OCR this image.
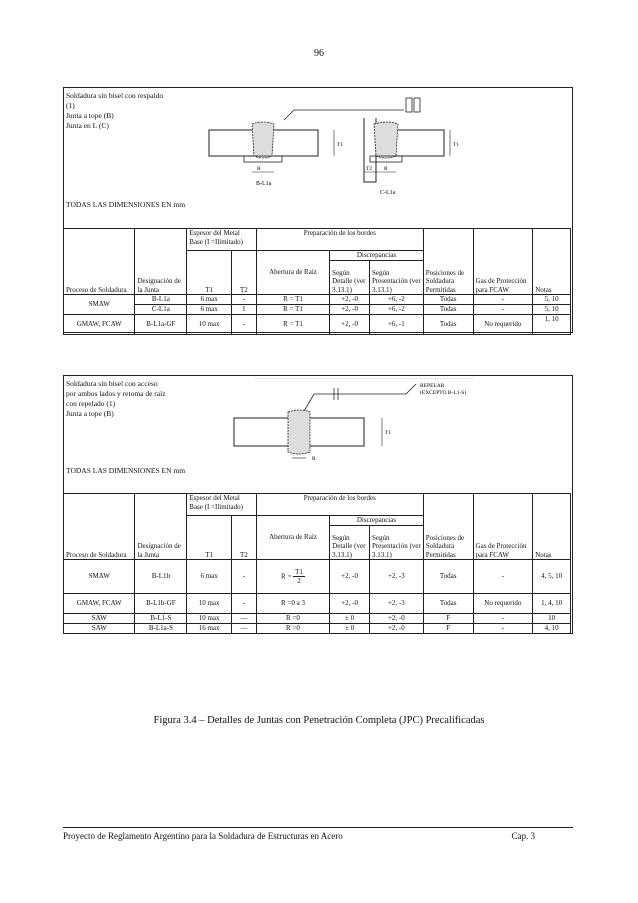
96
Soldadura sin bisel con respaldo
(1)
Junta a tope (B)
Junta en L (C)
T1
R
B-L1a
T1
T2 R
C-L1a
TODAS LAS DIMENSIONES EN mm
Proceso de Soldadura	Designación de la Junta	Espesor del Metal Base (I =Ilimitado)		Preparación de los bordes			Posiciones de Soldadura Permitidas	Gas de Protección para FCAW	Notas
		T1	T2	Abertura de Raíz	Discrepancias				
					Según Detalle (ver 3.13.1)	Según Presentación (ver 3.13.1)			
SMAW	B-L1a	6 max	-	R = T1	+2, -0	+6, -2	Todas	-	5, 10
	C-L1a	6 max	I	R = T1	+2, -0	+6, -2	Todas	-	5, 10
GMAW, FCAW	B-L1a-GF	10 max	-	R = T1	+2, -0	+6, -1	Todas	No requerido	1, 10
Soldadura sin bisel con acceso
por ambos lados y retoma de raíz
con repelado (1)
Junta a tope (B)
REPELAR
(EXCEPTO B-L1-S)
T1
R
TODAS LAS DIMENSIONES EN mm
Proceso de Soldadura	Designación de la Junta	Espesor del Metal Base (I =Ilimitado)		Preparación de los bordes			Posiciones de Soldadura Permitidas	Gas de Protección para FCAW	Notas
		T1	T2	Abertura de Raíz	Discrepancias				
					Según Detalle (ver 3.13.1)	Según Presentación (ver 3.13.1)			
SMAW	B-L1b	6 max	-	$R = \frac{T1}{2}$	+2, -0	+2, -3	Todas	-	4, 5, 10
GMAW, FCAW	B-L1b-GF	10 max	-	R =0 a 3	+2, -0	+2, -3	Todas	No requerido	1, 4, 10
SAW	B-L1-S	10 max	—	R =0	± 0	+2, -0	F	-	10
SAW	B-L1a-S	16 max	—	R =0	± 0	+2, -0	F	-	4, 10
Figura 3.4 – Detalles de Juntas con Penetración Completa (JPC) Precalificadas
Proyecto de Reglamento Argentino para la Soldadura de Estructuras en Acero	Cap. 3
